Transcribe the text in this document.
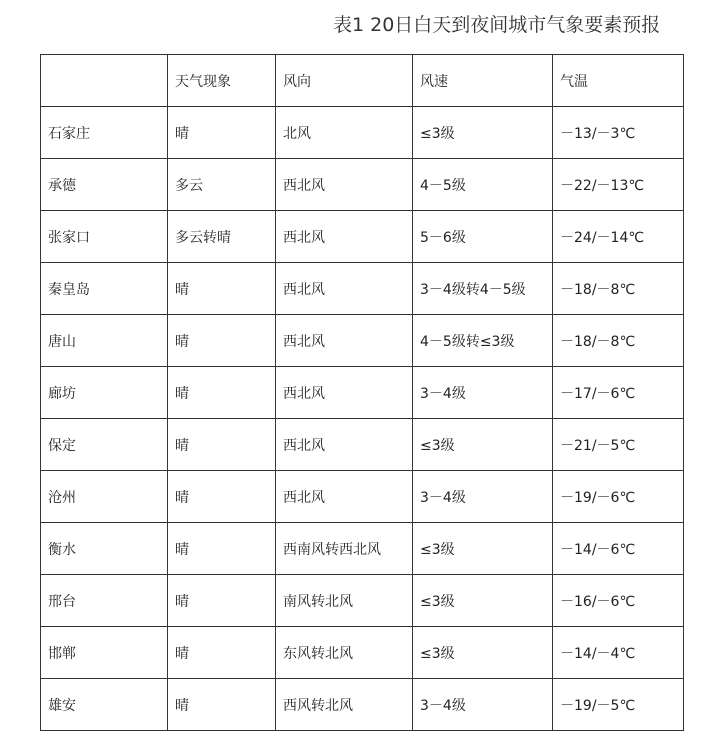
表1 20日白天到夜间城市气象要素预报
	天气现象	风向	风速	气温
石家庄	晴	北风	≤3级	－13/－3℃
承德	多云	西北风	4－5级	－22/－13℃
张家口	多云转晴	西北风	5－6级	－24/－14℃
秦皇岛	晴	西北风	3－4级转4－5级	－18/－8℃
唐山	晴	西北风	4－5级转≤3级	－18/－8℃
廊坊	晴	西北风	3－4级	－17/－6℃
保定	晴	西北风	≤3级	－21/－5℃
沧州	晴	西北风	3－4级	－19/－6℃
衡水	晴	西南风转西北风	≤3级	－14/－6℃
邢台	晴	南风转北风	≤3级	－16/－6℃
邯郸	晴	东风转北风	≤3级	－14/－4℃
雄安	晴	西风转北风	3－4级	－19/－5℃
